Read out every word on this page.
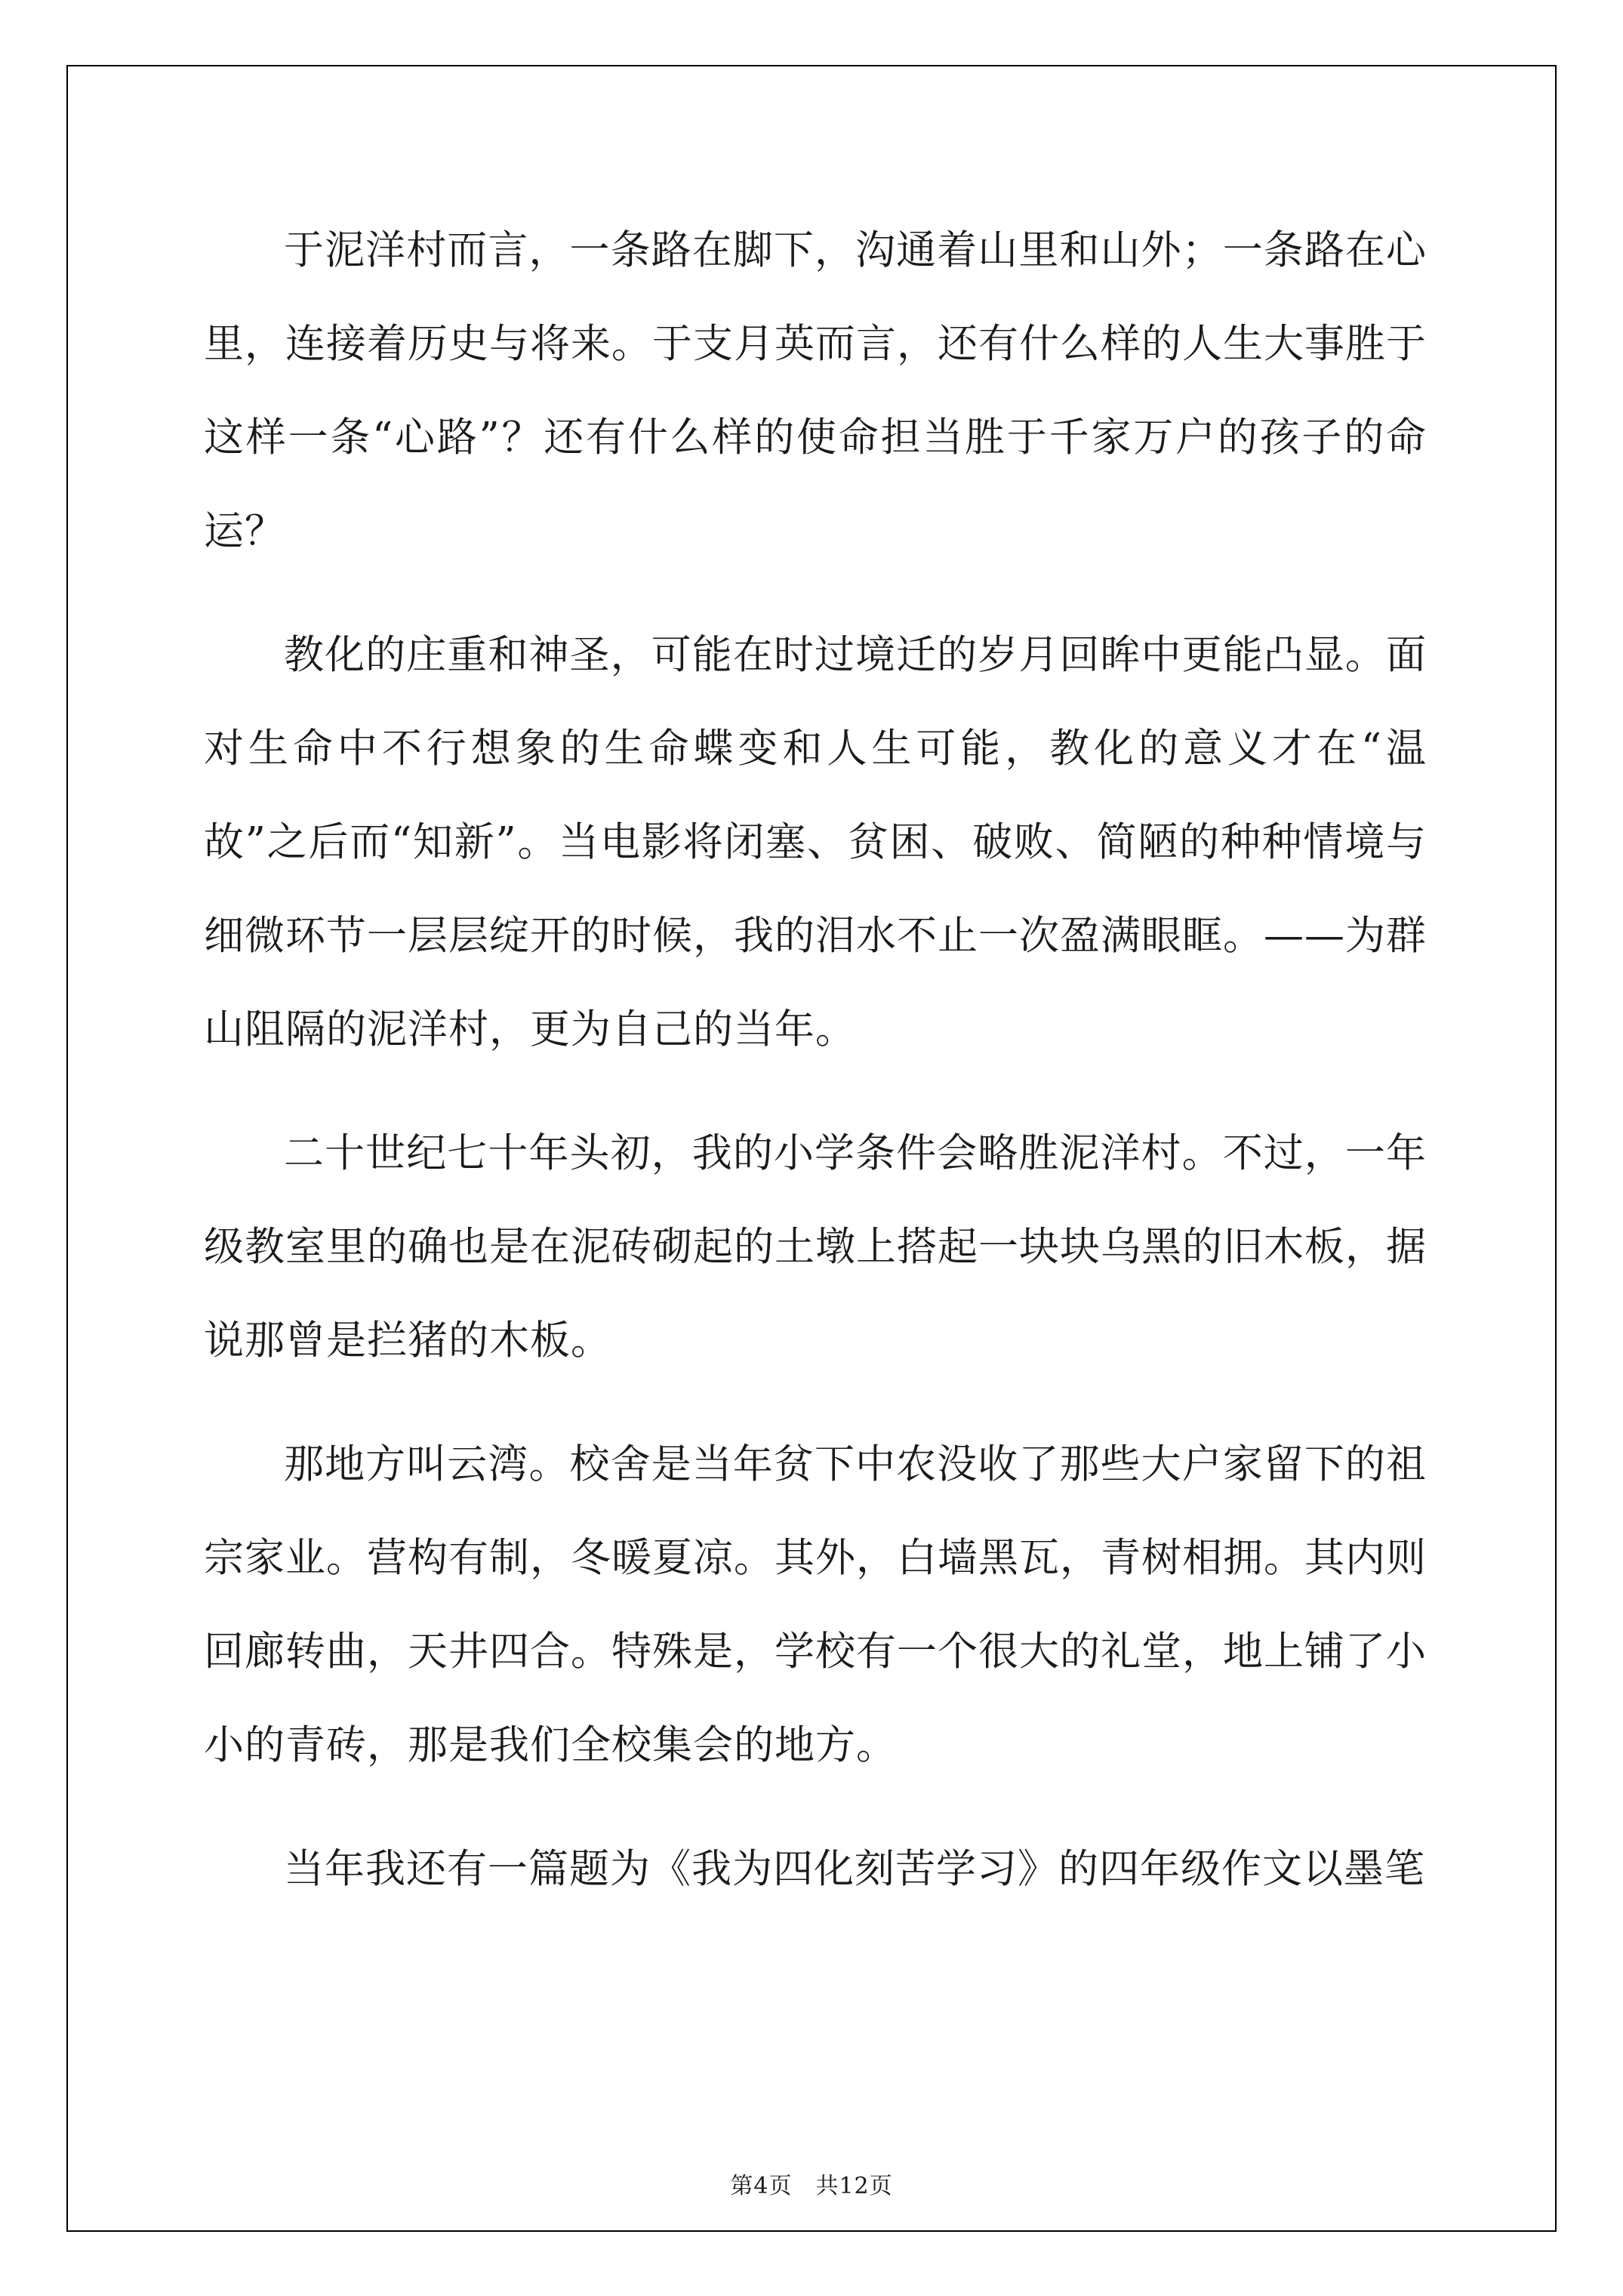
于泥洋村而言，一条路在脚下，沟通着山里和山外；一条路在心里，连接着历史与将来。于支月英而言，还有什么样的人生大事胜于这样一条“心路”？还有什么样的使命担当胜于千家万户的孩子的命运？

教化的庄重和神圣，可能在时过境迁的岁月回眸中更能凸显。面对生命中不行想象的生命蝶变和人生可能，教化的意义才在“温故”之后而“知新”。当电影将闭塞、贫困、破败、简陋的种种情境与细微环节一层层绽开的时候，我的泪水不止一次盈满眼眶。——为群山阻隔的泥洋村，更为自己的当年。

二十世纪七十年头初，我的小学条件会略胜泥洋村。不过，一年级教室里的确也是在泥砖砌起的土墩上搭起一块块乌黑的旧木板，据说那曾是拦猪的木板。

那地方叫云湾。校舍是当年贫下中农没收了那些大户家留下的祖宗家业。营构有制，冬暖夏凉。其外，白墙黑瓦，青树相拥。其内则回廊转曲，天井四合。特殊是，学校有一个很大的礼堂，地上铺了小小的青砖，那是我们全校集会的地方。

当年我还有一篇题为《我为四化刻苦学习》的四年级作文以墨笔

第4页　共12页
